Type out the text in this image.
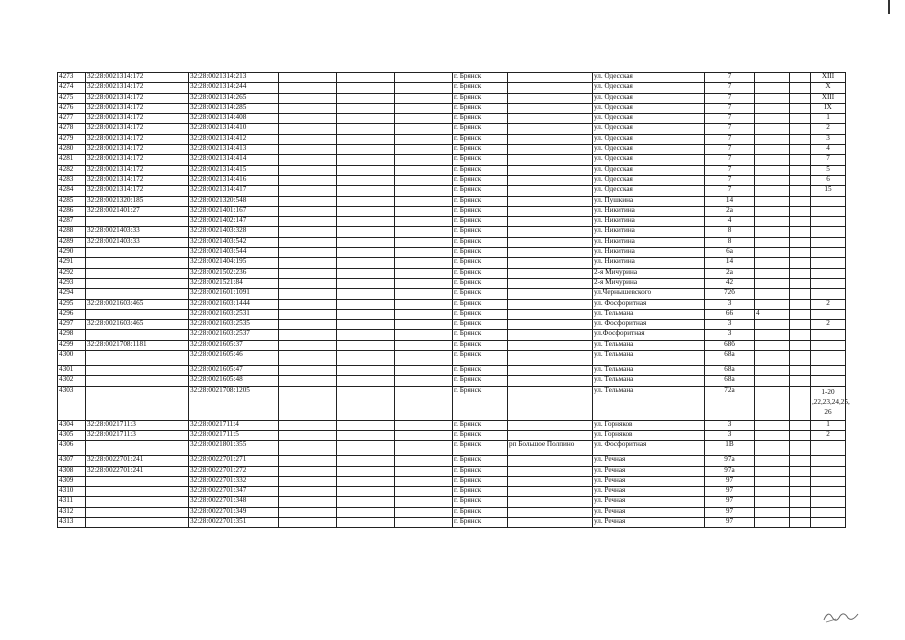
4273	32:28:0021314:172	32:28:0021314:213				г. Брянск		ул. Одесская	7			XIII
4274	32:28:0021314:172	32:28:0021314:244				г. Брянск		ул. Одесская	7			X
4275	32:28:0021314:172	32:28:0021314:265				г. Брянск		ул. Одесская	7			XIII
4276	32:28:0021314:172	32:28:0021314:285				г. Брянск		ул. Одесская	7			IX
4277	32:28:0021314:172	32:28:0021314:408				г. Брянск		ул. Одесская	7			1
4278	32:28:0021314:172	32:28:0021314:410				г. Брянск		ул. Одесская	7			2
4279	32:28:0021314:172	32:28:0021314:412				г. Брянск		ул. Одесская	7			3
4280	32:28:0021314:172	32:28:0021314:413				г. Брянск		ул. Одесская	7			4
4281	32:28:0021314:172	32:28:0021314:414				г. Брянск		ул. Одесская	7			7
4282	32:28:0021314:172	32:28:0021314:415				г. Брянск		ул. Одесская	7			5
4283	32:28:0021314:172	32:28:0021314:416				г. Брянск		ул. Одесская	7			6
4284	32:28:0021314:172	32:28:0021314:417				г. Брянск		ул. Одесская	7			15
4285	32:28:0021320:185	32:28:0021320:548				г. Брянск		ул. Пушкина	14			
4286	32:28:0021401:27	32:28:0021401:167				г. Брянск		ул. Никитина	2а			
4287		32:28:0021402:147				г. Брянск		ул. Никитина	4			
4288	32:28:0021403:33	32:28:0021403:328				г. Брянск		ул. Никитина	8			
4289	32:28:0021403:33	32:28:0021403:542				г. Брянск		ул. Никитина	8			
4290		32:28:0021403:544				г. Брянск		ул. Никитина	6а			
4291		32:28:0021404:195				г. Брянск		ул. Никитина	14			
4292		32:28:0021502:236				г. Брянск		2-я Мичурина	2а			
4293		32:28:0021521:84				г. Брянск		2-я Мичурина	42			
4294		32:28:0021601:1091				г. Брянск		ул.Чернышевского	72б			
4295	32:28:0021603:465	32:28:0021603:1444				г. Брянск		ул. Фосфоритная	3			2
4296		32:28:0021603:2531				г. Брянск		ул. Тельмана	66	4		
4297	32:28:0021603:465	32:28:0021603:2535				г. Брянск		ул. Фосфоритная	3			2
4298		32:28:0021603:2537				г. Брянск		ул.Фосфоритная	3			
4299	32:28:0021708:1181	32:28:0021605:37				г. Брянск		ул. Тельмана	68б			
4300		32:28:0021605:46				г. Брянск		ул. Тельмана	68а			
4301		32:28:0021605:47				г. Брянск		ул. Тельмана	68а			
4302		32:28:0021605:48				г. Брянск		ул. Тельмана	68а			
4303		32:28:0021708:1205				г. Брянск		ул. Тельмана	72а			1-20 ,22,23,24,25, 26
4304	32:28:0021711:3	32:28:0021711:4				г. Брянск		ул. Горняков	3			1
4305	32:28:0021711:3	32:28:0021711:5				г. Брянск		ул. Горняков	3			2
4306		32:28:0021801:355				г. Брянск	рп Большое Полпино	ул. Фосфоритная	1В			
4307	32:28:0022701:241	32:28:0022701:271				г. Брянск		ул. Речная	97а			
4308	32:28:0022701:241	32:28:0022701:272				г. Брянск		ул. Речная	97а			
4309		32:28:0022701:332				г. Брянск		ул. Речная	97			
4310		32:28:0022701:347				г. Брянск		ул. Речная	97			
4311		32:28:0022701:348				г. Брянск		ул. Речная	97			
4312		32:28:0022701:349				г. Брянск		ул. Речная	97			
4313		32:28:0022701:351				г. Брянск		ул. Речная	97			
